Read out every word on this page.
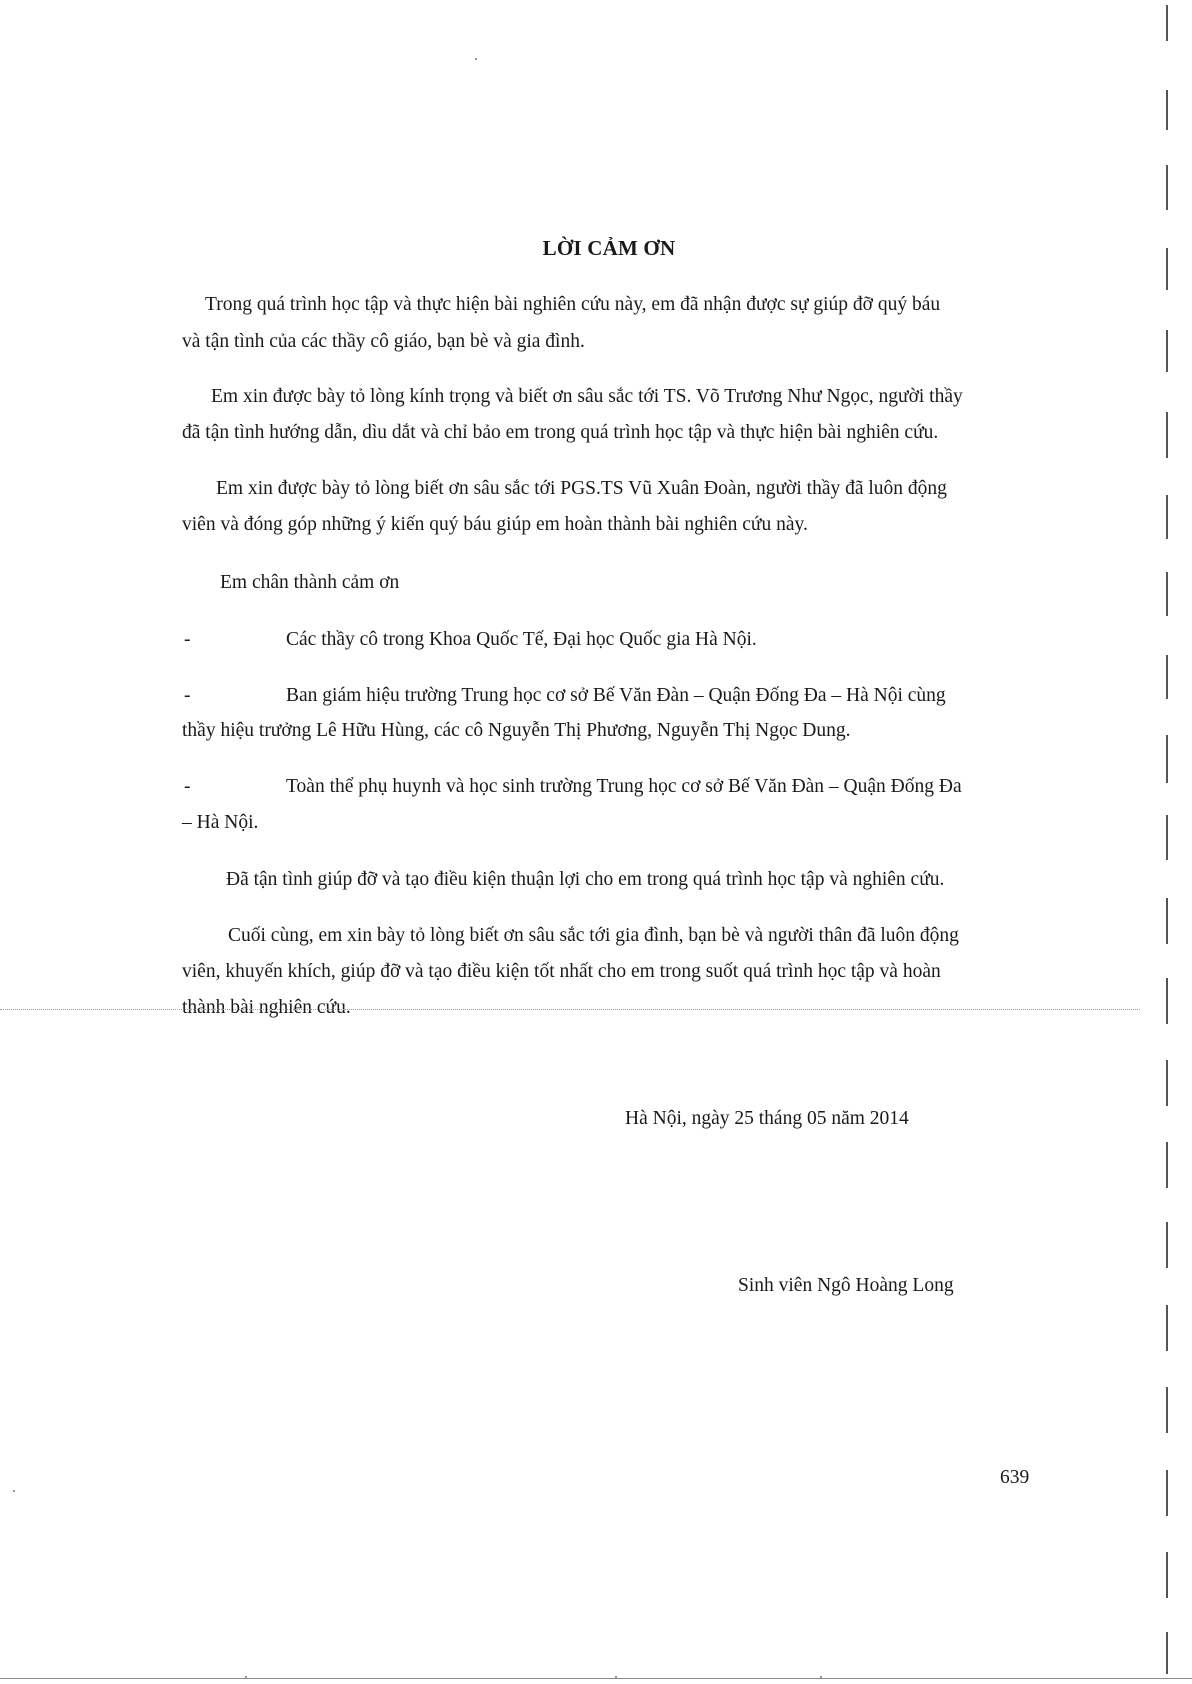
LỜI CẢM ƠN
Trong quá trình học tập và thực hiện bài nghiên cứu này, em đã nhận được sự giúp đỡ quý báu
và tận tình của các thầy cô giáo, bạn bè và gia đình.
Em xin được bày tỏ lòng kính trọng và biết ơn sâu sắc tới TS. Võ Trương Như Ngọc, người thầy
đã tận tình hướng dẫn, dìu dắt và chỉ bảo em trong quá trình học tập và thực hiện bài nghiên cứu.
Em xin được bày tỏ lòng biết ơn sâu sắc tới PGS.TS Vũ Xuân Đoàn, người thầy đã luôn động
viên và đóng góp những ý kiến quý báu giúp em hoàn thành bài nghiên cứu này.
Em chân thành cảm ơn
-	Các thầy cô trong Khoa Quốc Tế, Đại học Quốc gia Hà Nội.
-	Ban giám hiệu trường Trung học cơ sở Bế Văn Đàn – Quận Đống Đa – Hà Nội cùng
thầy hiệu trưởng Lê Hữu Hùng, các cô Nguyễn Thị Phương, Nguyễn Thị Ngọc Dung.
-	Toàn thể phụ huynh và học sinh trường Trung học cơ sở Bế Văn Đàn – Quận Đống Đa
– Hà Nội.
Đã tận tình giúp đỡ và tạo điều kiện thuận lợi cho em trong quá trình học tập và nghiên cứu.
Cuối cùng, em xin bày tỏ lòng biết ơn sâu sắc tới gia đình, bạn bè và người thân đã luôn động
viên, khuyến khích, giúp đỡ và tạo điều kiện tốt nhất cho em trong suốt quá trình học tập và hoàn
thành bài nghiên cứu.
Hà Nội, ngày 25 tháng 05 năm 2014
Sinh viên Ngô Hoàng Long
639
